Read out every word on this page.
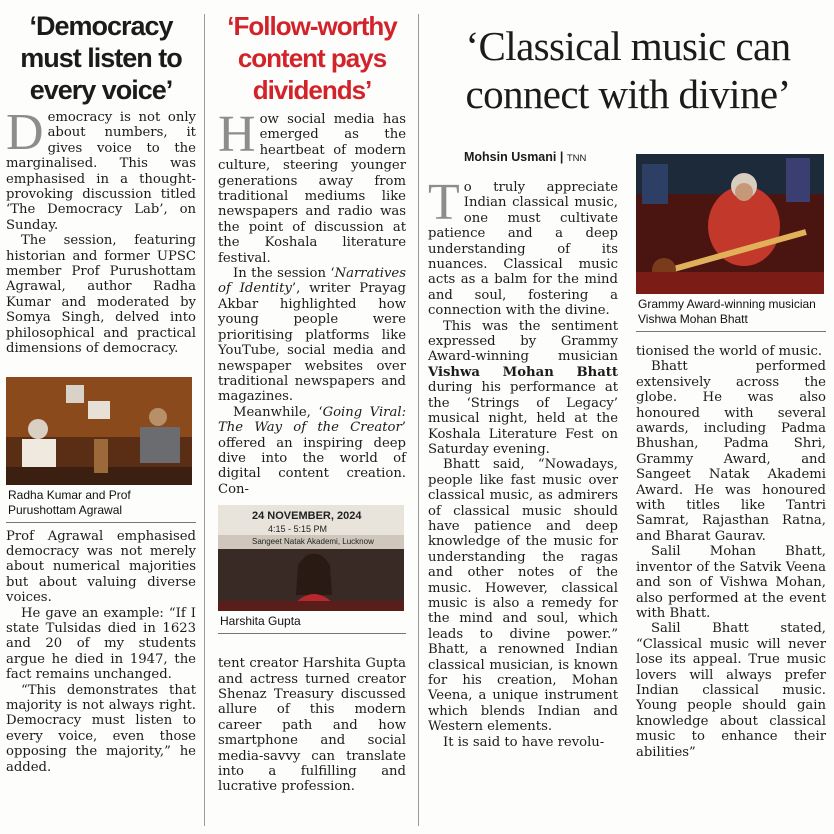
‘Democracy
must listen to
every voice’

Democracy is not only about numbers, it gives voice to the marginalised. This was emphasised in a thought-provoking discussion titled ‘The Democracy Lab’, on Sunday.

The session, featuring historian and former UPSC member Prof Purushottam Agrawal, author Radha Kumar and moderated by Somya Singh, delved into philosophical and practical dimensions of democracy.

Radha Kumar and Prof Purushottam Agrawal

Prof Agrawal emphasised democracy was not merely about numerical majorities but about valuing diverse voices.

He gave an example: “If I state Tulsidas died in 1623 and 20 of my students argue he died in 1947, the fact remains unchanged.

“This demonstrates that majority is not always right. Democracy must listen to every voice, even those opposing the majority,” he added.

‘Follow-worthy
content pays
dividends’

How social media has emerged as the heartbeat of modern culture, steering younger generations away from traditional mediums like newspapers and radio was the point of discussion at the Koshala literature festival.

In the session ‘Narratives of Identity’, writer Prayag Akbar highlighted how young people were prioritising platforms like YouTube, social media and newspaper websites over traditional newspapers and magazines.

Meanwhile, ‘Going Viral: The Way of the Creator’ offered an inspiring deep dive into the world of digital content creation. Con-

24 NOVEMBER, 2024
4:15 - 5:15 PM
Sangeet Natak Akademi, Lucknow
Harshita Gupta

tent creator Harshita Gupta and actress turned creator Shenaz Treasury discussed allure of this modern career path and how smartphone and social media-savvy can translate into a fulfilling and lucrative profession.

‘Classical music can
connect with divine’
Mohsin Usmani | TNN

To truly appreciate Indian classical music, one must cultivate patience and a deep understanding of its nuances. Classical music acts as a balm for the mind and soul, fostering a connection with the divine.

This was the sentiment expressed by Grammy Award-winning musician Vishwa Mohan Bhatt during his performance at the ‘Strings of Legacy’ musical night, held at the Koshala Literature Fest on Saturday evening.

Bhatt said, “Nowadays, people like fast music over classical music, as admirers of classical music should have patience and deep knowledge of the music for understanding the ragas and other notes of the music. However, classical music is also a remedy for the mind and soul, which leads to divine power.” Bhatt, a renowned Indian classical musician, is known for his creation, Mohan Veena, a unique instrument which blends Indian and Western elements.

It is said to have revolu-

Grammy Award-winning musician Vishwa Mohan Bhatt

tionised the world of music.

Bhatt performed extensively across the globe. He was also honoured with several awards, including Padma Bhushan, Padma Shri, Grammy Award, and Sangeet Natak Akademi Award. He was honoured with titles like Tantri Samrat, Rajasthan Ratna, and Bharat Gaurav.

Salil Mohan Bhatt, inventor of the Satvik Veena and son of Vishwa Mohan, also performed at the event with Bhatt.

Salil Bhatt stated, “Classical music will never lose its appeal. True music lovers will always prefer Indian classical music. Young people should gain knowledge about classical music to enhance their abilities”
